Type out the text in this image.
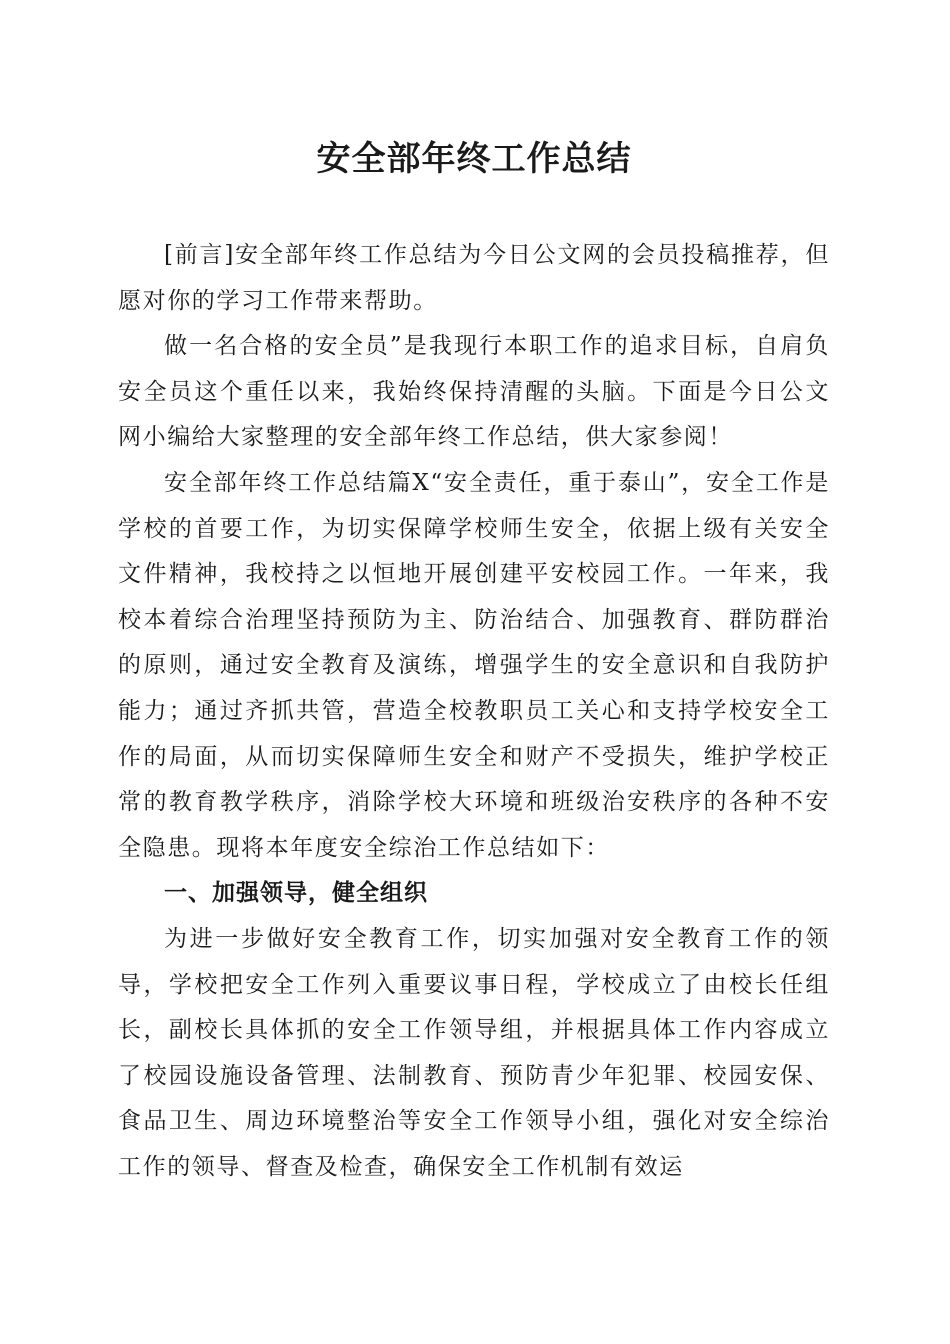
安全部年终工作总结

[前言]安全部年终工作总结为今日公文网的会员投稿推荐，但愿对你的学习工作带来帮助。

做一名合格的安全员”是我现行本职工作的追求目标，自肩负安全员这个重任以来，我始终保持清醒的头脑。下面是今日公文网小编给大家整理的安全部年终工作总结，供大家参阅！

安全部年终工作总结篇X“安全责任，重于泰山”，安全工作是学校的首要工作，为切实保障学校师生安全，依据上级有关安全文件精神，我校持之以恒地开展创建平安校园工作。一年来，我校本着综合治理坚持预防为主、防治结合、加强教育、群防群治的原则，通过安全教育及演练，增强学生的安全意识和自我防护能力；通过齐抓共管，营造全校教职员工关心和支持学校安全工作的局面，从而切实保障师生安全和财产不受损失，维护学校正常的教育教学秩序，消除学校大环境和班级治安秩序的各种不安全隐患。现将本年度安全综治工作总结如下：

一、加强领导，健全组织

为进一步做好安全教育工作，切实加强对安全教育工作的领导，学校把安全工作列入重要议事日程，学校成立了由校长任组长，副校长具体抓的安全工作领导组，并根据具体工作内容成立了校园设施设备管理、法制教育、预防青少年犯罪、校园安保、食品卫生、周边环境整治等安全工作领导小组，强化对安全综治工作的领导、督查及检查，确保安全工作机制有效运
